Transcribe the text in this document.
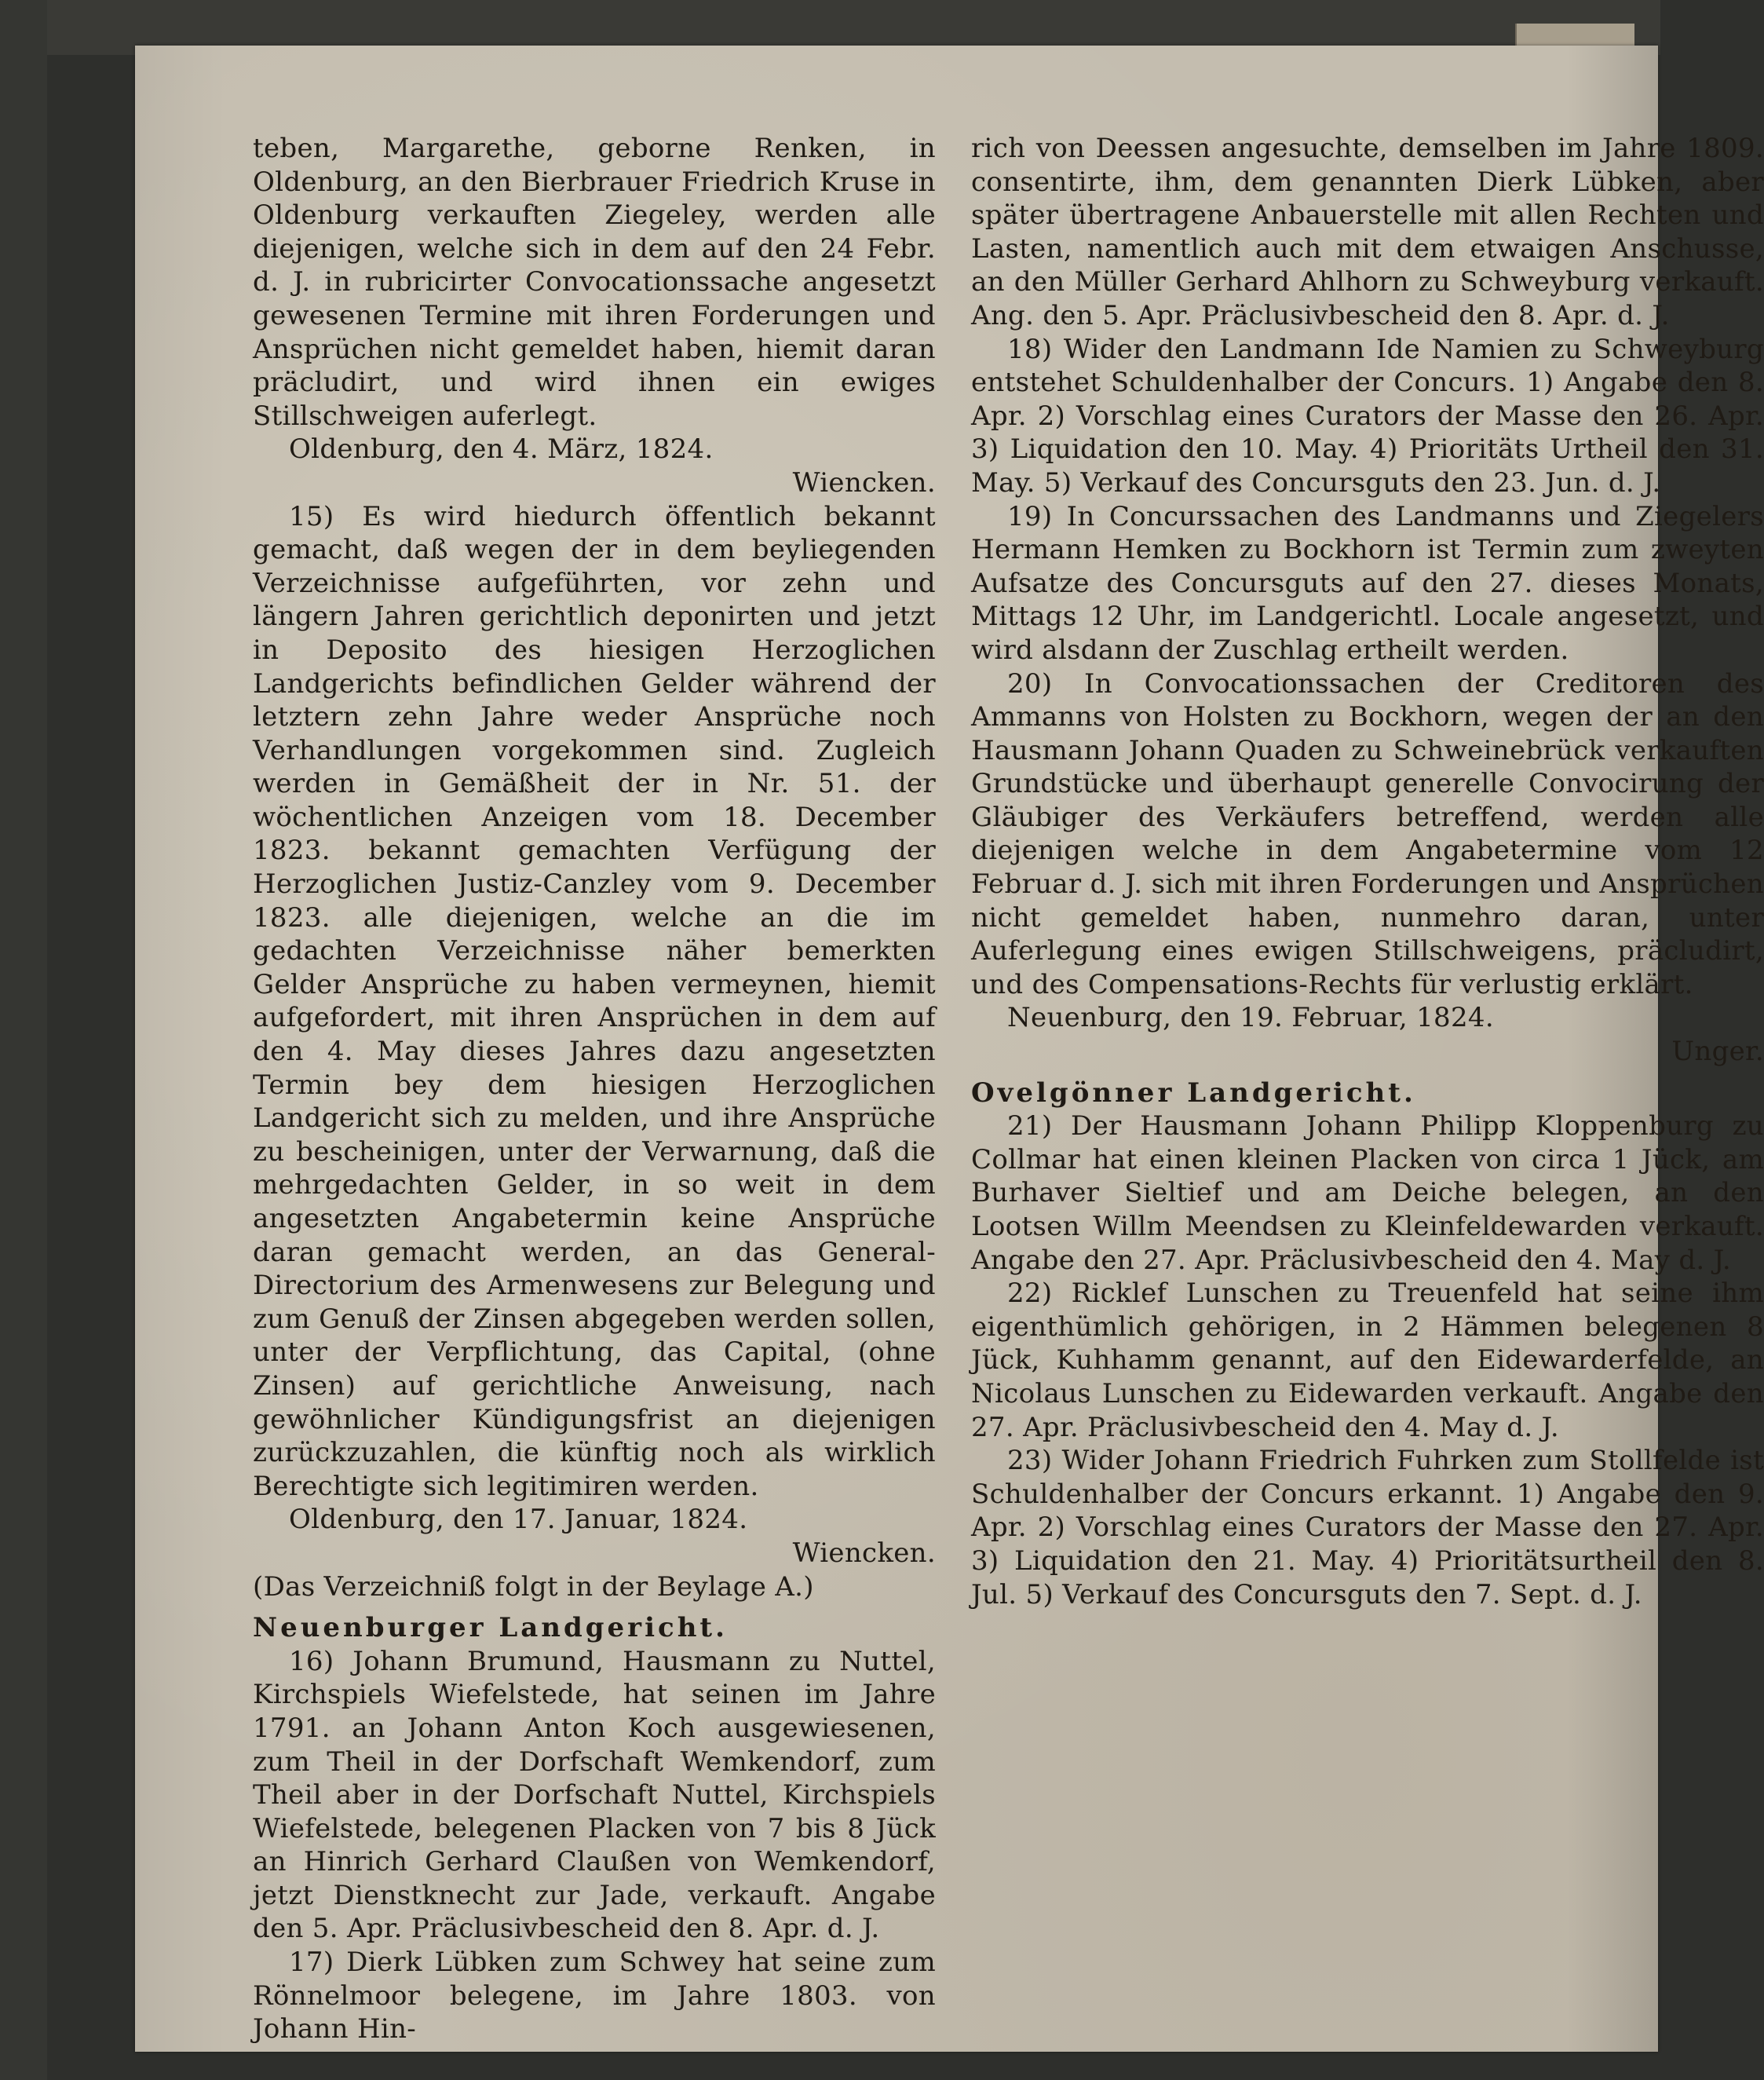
teben, Margarethe, geborne Renken, in Oldenburg, an den Bierbrauer Friedrich Kruse in Oldenburg verkauften Ziegeley, werden alle diejenigen, welche sich in dem auf den 24 Febr. d. J. in rubricirter Convocationssache angesetzt gewesenen Termine mit ihren Forderungen und Ansprüchen nicht gemeldet haben, hiemit daran präcludirt, und wird ihnen ein ewiges Stillschweigen auferlegt.

Oldenburg, den 4. März, 1824.

Wiencken.

15) Es wird hiedurch öffentlich bekannt gemacht, daß wegen der in dem beyliegenden Verzeichnisse aufgeführten, vor zehn und längern Jahren gerichtlich deponirten und jetzt in Deposito des hiesigen Herzoglichen Landgerichts befindlichen Gelder während der letztern zehn Jahre weder Ansprüche noch Verhandlungen vorgekommen sind. Zugleich werden in Gemäßheit der in Nr. 51. der wöchentlichen Anzeigen vom 18. December 1823. bekannt gemachten Verfügung der Herzoglichen Justiz-Canzley vom 9. December 1823. alle diejenigen, welche an die im gedachten Verzeichnisse näher bemerkten Gelder Ansprüche zu haben vermeynen, hiemit aufgefordert, mit ihren Ansprüchen in dem auf den 4. May dieses Jahres dazu angesetzten Termin bey dem hiesigen Herzoglichen Landgericht sich zu melden, und ihre Ansprüche zu bescheinigen, unter der Verwarnung, daß die mehrgedachten Gelder, in so weit in dem angesetzten Angabetermin keine Ansprüche daran gemacht werden, an das General-Directorium des Armenwesens zur Belegung und zum Genuß der Zinsen abgegeben werden sollen, unter der Verpflichtung, das Capital, (ohne Zinsen) auf gerichtliche Anweisung, nach gewöhnlicher Kündigungsfrist an diejenigen zurückzuzahlen, die künftig noch als wirklich Berechtigte sich legitimiren werden.

Oldenburg, den 17. Januar, 1824.

Wiencken.

(Das Verzeichniß folgt in der Beylage A.)

Neuenburger Landgericht.

16) Johann Brumund, Hausmann zu Nuttel, Kirchspiels Wiefelstede, hat seinen im Jahre 1791. an Johann Anton Koch ausgewiesenen, zum Theil in der Dorfschaft Wemkendorf, zum Theil aber in der Dorfschaft Nuttel, Kirchspiels Wiefelstede, belegenen Placken von 7 bis 8 Jück an Hinrich Gerhard Claußen von Wemkendorf, jetzt Dienstknecht zur Jade, verkauft. Angabe den 5. Apr. Präclusivbescheid den 8. Apr. d. J.

17) Dierk Lübken zum Schwey hat seine zum Rönnelmoor belegene, im Jahre 1803. von Johann Hin-

rich von Deessen angesuchte, demselben im Jahre 1809. consentirte, ihm, dem genannten Dierk Lübken, aber später übertragene Anbauerstelle mit allen Rechten und Lasten, namentlich auch mit dem etwaigen Anschusse, an den Müller Gerhard Ahlhorn zu Schweyburg verkauft. Ang. den 5. Apr. Präclusivbescheid den 8. Apr. d. J.

18) Wider den Landmann Ide Namien zu Schweyburg entstehet Schuldenhalber der Concurs. 1) Angabe den 8. Apr. 2) Vorschlag eines Curators der Masse den 26. Apr. 3) Liquidation den 10. May. 4) Prioritäts Urtheil den 31. May. 5) Verkauf des Concursguts den 23. Jun. d. J.

19) In Concurssachen des Landmanns und Ziegelers Hermann Hemken zu Bockhorn ist Termin zum zweyten Aufsatze des Concursguts auf den 27. dieses Monats, Mittags 12 Uhr, im Landgerichtl. Locale angesetzt, und wird alsdann der Zuschlag ertheilt werden.

20) In Convocationssachen der Creditoren des Ammanns von Holsten zu Bockhorn, wegen der an den Hausmann Johann Quaden zu Schweinebrück verkauften Grundstücke und überhaupt generelle Convocirung der Gläubiger des Verkäufers betreffend, werden alle diejenigen welche in dem Angabetermine vom 12 Februar d. J. sich mit ihren Forderungen und Ansprüchen nicht gemeldet haben, nunmehro daran, unter Auferlegung eines ewigen Stillschweigens, präcludirt, und des Compensations-Rechts für verlustig erklärt.

Neuenburg, den 19. Februar, 1824.

Unger.

Ovelgönner Landgericht.

21) Der Hausmann Johann Philipp Kloppenburg zu Collmar hat einen kleinen Placken von circa 1 Jück, am Burhaver Sieltief und am Deiche belegen, an den Lootsen Willm Meendsen zu Kleinfeldewarden verkauft. Angabe den 27. Apr. Präclusivbescheid den 4. May d. J.

22) Ricklef Lunschen zu Treuenfeld hat seine ihm eigenthümlich gehörigen, in 2 Hämmen belegenen 8 Jück, Kuhhamm genannt, auf den Eidewarderfelde, an Nicolaus Lunschen zu Eidewarden verkauft. Angabe den 27. Apr. Präclusivbescheid den 4. May d. J.

23) Wider Johann Friedrich Fuhrken zum Stollfelde ist Schuldenhalber der Concurs erkannt. 1) Angabe den 9. Apr. 2) Vorschlag eines Curators der Masse den 27. Apr. 3) Liquidation den 21. May. 4) Prioritätsurtheil den 8. Jul. 5) Verkauf des Concursguts den 7. Sept. d. J.
